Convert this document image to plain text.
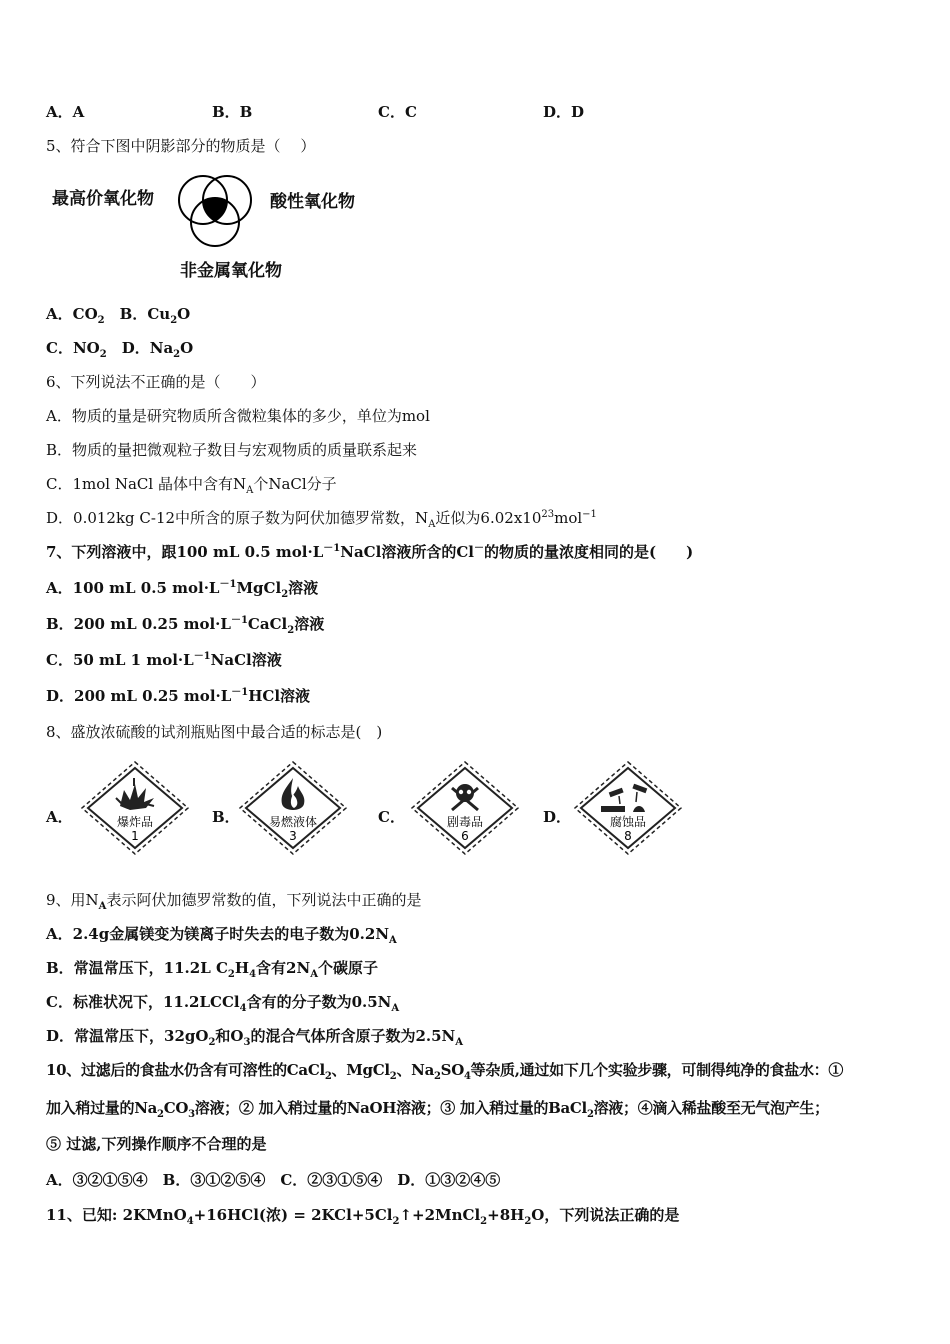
A．A	B．B	C．C	D．D
5、符合下图中阴影部分的物质是（　 ）
最高价氧化物	酸性氧化物
非金属氧化物
A．$CO_2$　 B．$Cu_2O$
C．$NO_2$　 D．$Na_2O$
6、下列说法不正确的是（　　）
A．物质的量是研究物质所含微粒集体的多少，单位为mol
B．物质的量把微观粒子数目与宏观物质的质量联系起来
C．1mol NaCl 晶体中含有$N_A$个NaCl分子
D．0.012kg C-12中所含的原子数为阿伏加德罗常数，$N_A$近似为$6.02x10^{23}mol^{-1}$
7、下列溶液中，跟100 mL 0.5 $mol\cdot L^{-1}NaCl$溶液所含的Cl－的物质的量浓度相同的是(　　)
A．100 mL 0.5 $mol\cdot L^{-1}MgCl_2$溶液
B．200 mL 0.25 $mol\cdot L^{-1}CaCl_2$溶液
C．50 mL 1 $mol\cdot L^{-1}NaCl$溶液
D．200 mL 0.25 $mol\cdot L^{-1}HCl$溶液
8、盛放浓硫酸的试剂瓶贴图中最合适的标志是(　)
A．	B．	C．	D．
爆炸品
1
易燃液体
3
剧毒品
6
腐蚀品
8
9、用$N_A$表示阿伏加德罗常数的值，下列说法中正确的是
A．2.4g金属镁变为镁离子时失去的电子数为$0.2N_A$
B．常温常压下，11.2L $C_2H_4$含有$2N_A$个碳原子
C．标准状况下，11.2LCCl$_4$含有的分子数为$0.5N_A$
D．常温常压下，$32gO_2$和$O_3$的混合气体所含原子数为$2.5N_A$
10、过滤后的食盐水仍含有可溶性的CaCl$_2$、MgCl$_2$、$Na_2SO_4$等杂质,通过如下几个实验步骤，可制得纯净的食盐水：①
加入稍过量的$Na_2CO_3$溶液；② 加入稍过量的NaOH溶液；③ 加入稍过量的BaCl$_2$溶液；④滴入稀盐酸至无气泡产生；
⑤ 过滤,下列操作顺序不合理的是
A．③②①⑤④　B．③①②⑤④　C．②③①⑤④　D．①③②④⑤
11、已知: 2KMnO$_4$+16HCl(浓) = $2KCl+5Cl_2↑+2MnCl_2+8H_2O$，下列说法正确的是
